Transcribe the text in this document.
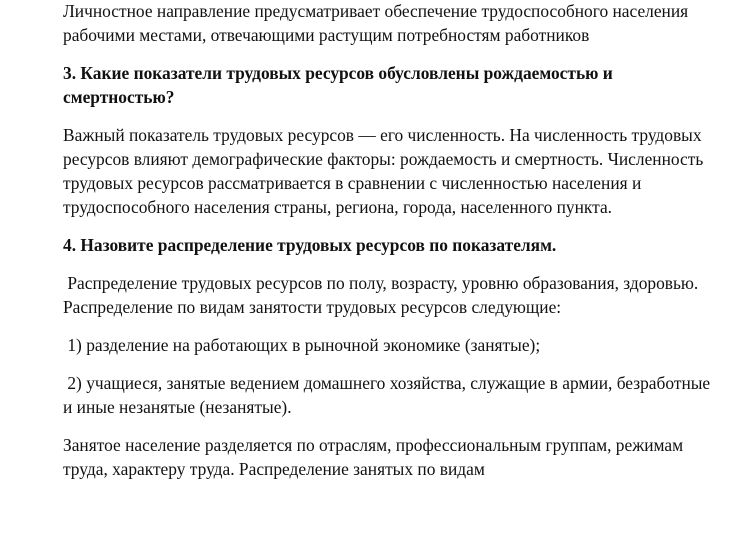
Личностное направление предусматривает обеспечение трудоспособного населения рабочими местами, отвечающими растущим потребностям работников

3. Какие показатели трудовых ресурсов обусловлены рождаемостью и смертностью?

Важный показатель трудовых ресурсов — его численность. На численность трудовых ресурсов влияют демографические факторы: рождаемость и смертность. Численность трудовых ресурсов рассматривается в сравнении с численностью населения и трудоспособного населения страны, региона, города, населенного пункта.

4. Назовите распределение трудовых ресурсов по показателям.

Распределение трудовых ресурсов по полу, возрасту, уровню образования, здоровью. Распределение по видам занятости трудовых ресурсов следующие:

1) разделение на работающих в рыночной экономике (занятые);

2) учащиеся, занятые ведением домашнего хозяйства, служащие в армии, безработные и иные незанятые (незанятые).

Занятое население разделяется по отраслям, профессиональным группам, режимам труда, характеру труда. Распределение занятых по видам
